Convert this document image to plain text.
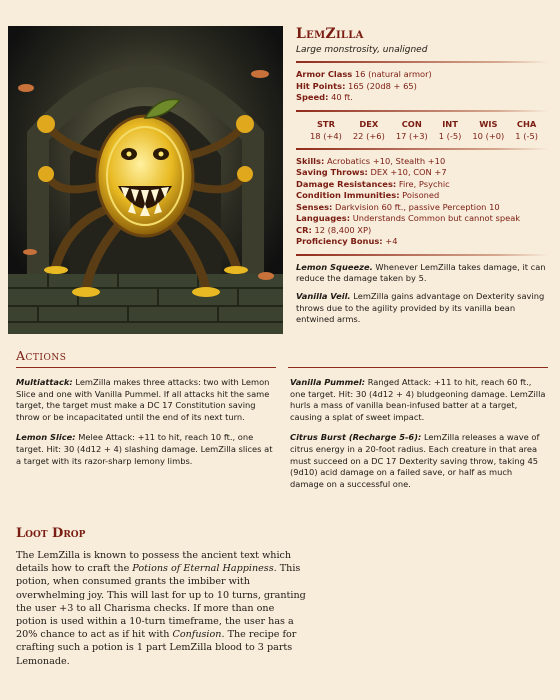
LemZilla
Large monstrosity, unaligned
Armor Class 16 (natural armor)
Hit Points: 165 (20d8 + 65)
Speed: 40 ft.
STR
18 (+4)
DEX
22 (+6)
CON
17 (+3)
INT
1 (-5)
WIS
10 (+0)
CHA
1 (-5)
Skills: Acrobatics +10, Stealth +10
Saving Throws: DEX +10, CON +7
Damage Resistances: Fire, Psychic
Condition Immunities: Poisoned
Senses: Darkvision 60 ft., passive Perception 10
Languages: Understands Common but cannot speak
CR: 12 (8,400 XP)
Proficiency Bonus: +4
Lemon Squeeze. Whenever LemZilla takes damage, it can reduce the damage taken by 5.
Vanilla Veil. LemZilla gains advantage on Dexterity saving throws due to the agility provided by its vanilla bean entwined arms.
Actions
Multiattack: LemZilla makes three attacks: two with Lemon Slice and one with Vanilla Pummel. If all attacks hit the same target, the target must make a DC 17 Constitution saving throw or be incapacitated until the end of its next turn.
Lemon Slice: Melee Attack: +11 to hit, reach 10 ft., one target. Hit: 30 (4d12 + 4) slashing damage. LemZilla slices at a target with its razor-sharp lemony limbs.
Vanilla Pummel: Ranged Attack: +11 to hit, reach 60 ft., one target. Hit: 30 (4d12 + 4) bludgeoning damage. LemZilla hurls a mass of vanilla bean-infused batter at a target, causing a splat of sweet impact.
Citrus Burst (Recharge 5-6): LemZilla releases a wave of citrus energy in a 20-foot radius. Each creature in that area must succeed on a DC 17 Dexterity saving throw, taking 45 (9d10) acid damage on a failed save, or half as much damage on a successful one.
Loot Drop
The LemZilla is known to possess the ancient text which details how to craft the Potions of Eternal Happiness. This potion, when consumed grants the imbiber with overwhelming joy. This will last for up to 10 turns, granting the user +3 to all Charisma checks. If more than one potion is used within a 10-turn timeframe, the user has a 20% chance to act as if hit with Confusion. The recipe for crafting such a potion is 1 part LemZilla blood to 3 parts Lemonade.
